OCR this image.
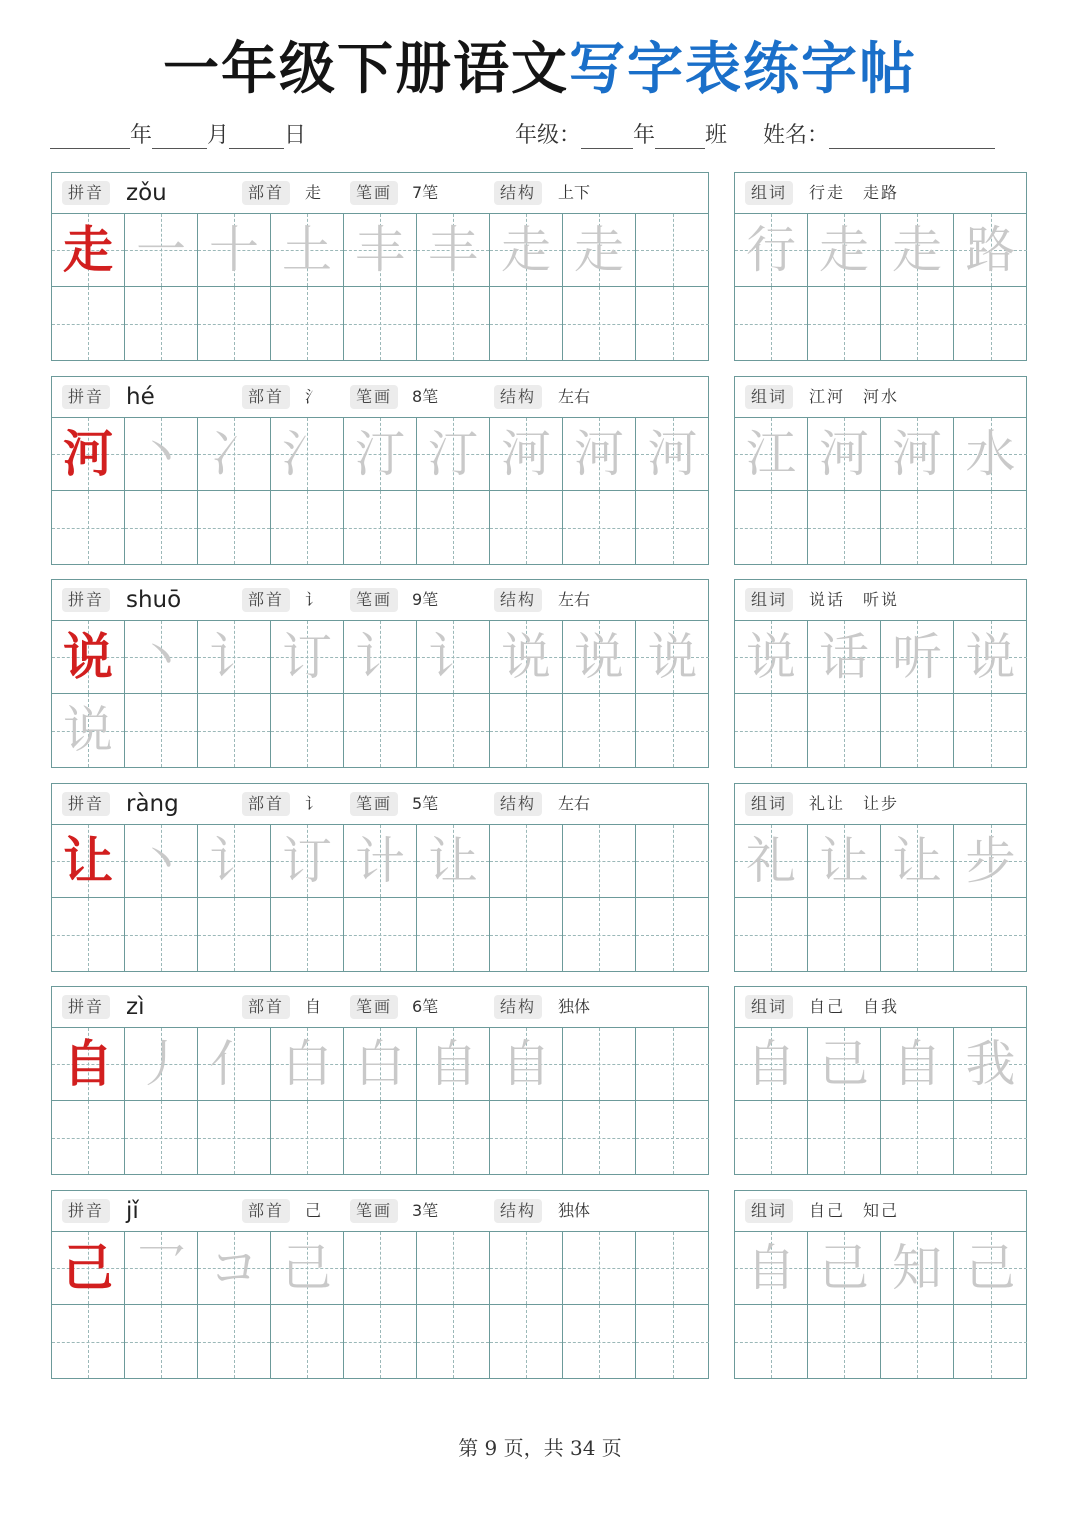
一年级下册语文写字表练字帖
年	月	日	年级： 年 班 姓名：
拼音 zǒu	部首	走	笔画	7笔	结构	上下
走 一 十 土 丰 丰 走 走
组词	行走　走路
行 走 走 路
拼音 hé	部首	氵	笔画	8笔	结构	左右
河 丶 冫 氵 汀 汀 河 河 河
组词	江河　河水
江 河 河 水
拼音 shuō	部首	讠	笔画	9笔	结构	左右
说 丶 讠 订 讠 讠 说 说 说
说
组词	说话　听说
说 话 听 说
拼音 ràng	部首	讠	笔画	5笔	结构	左右
让 丶 讠 订 计 让
组词	礼让　让步
礼 让 让 步
拼音 zì	部首	自	笔画	6笔	结构	独体
自 丿 亻 白 白 自 自
组词	自己　自我
自 己 自 我
拼音 jǐ	部首	己	笔画	3笔	结构	独体
己 乛 コ 己
组词	自己　知己
自 己 知 己
第 9 页，共 34 页
